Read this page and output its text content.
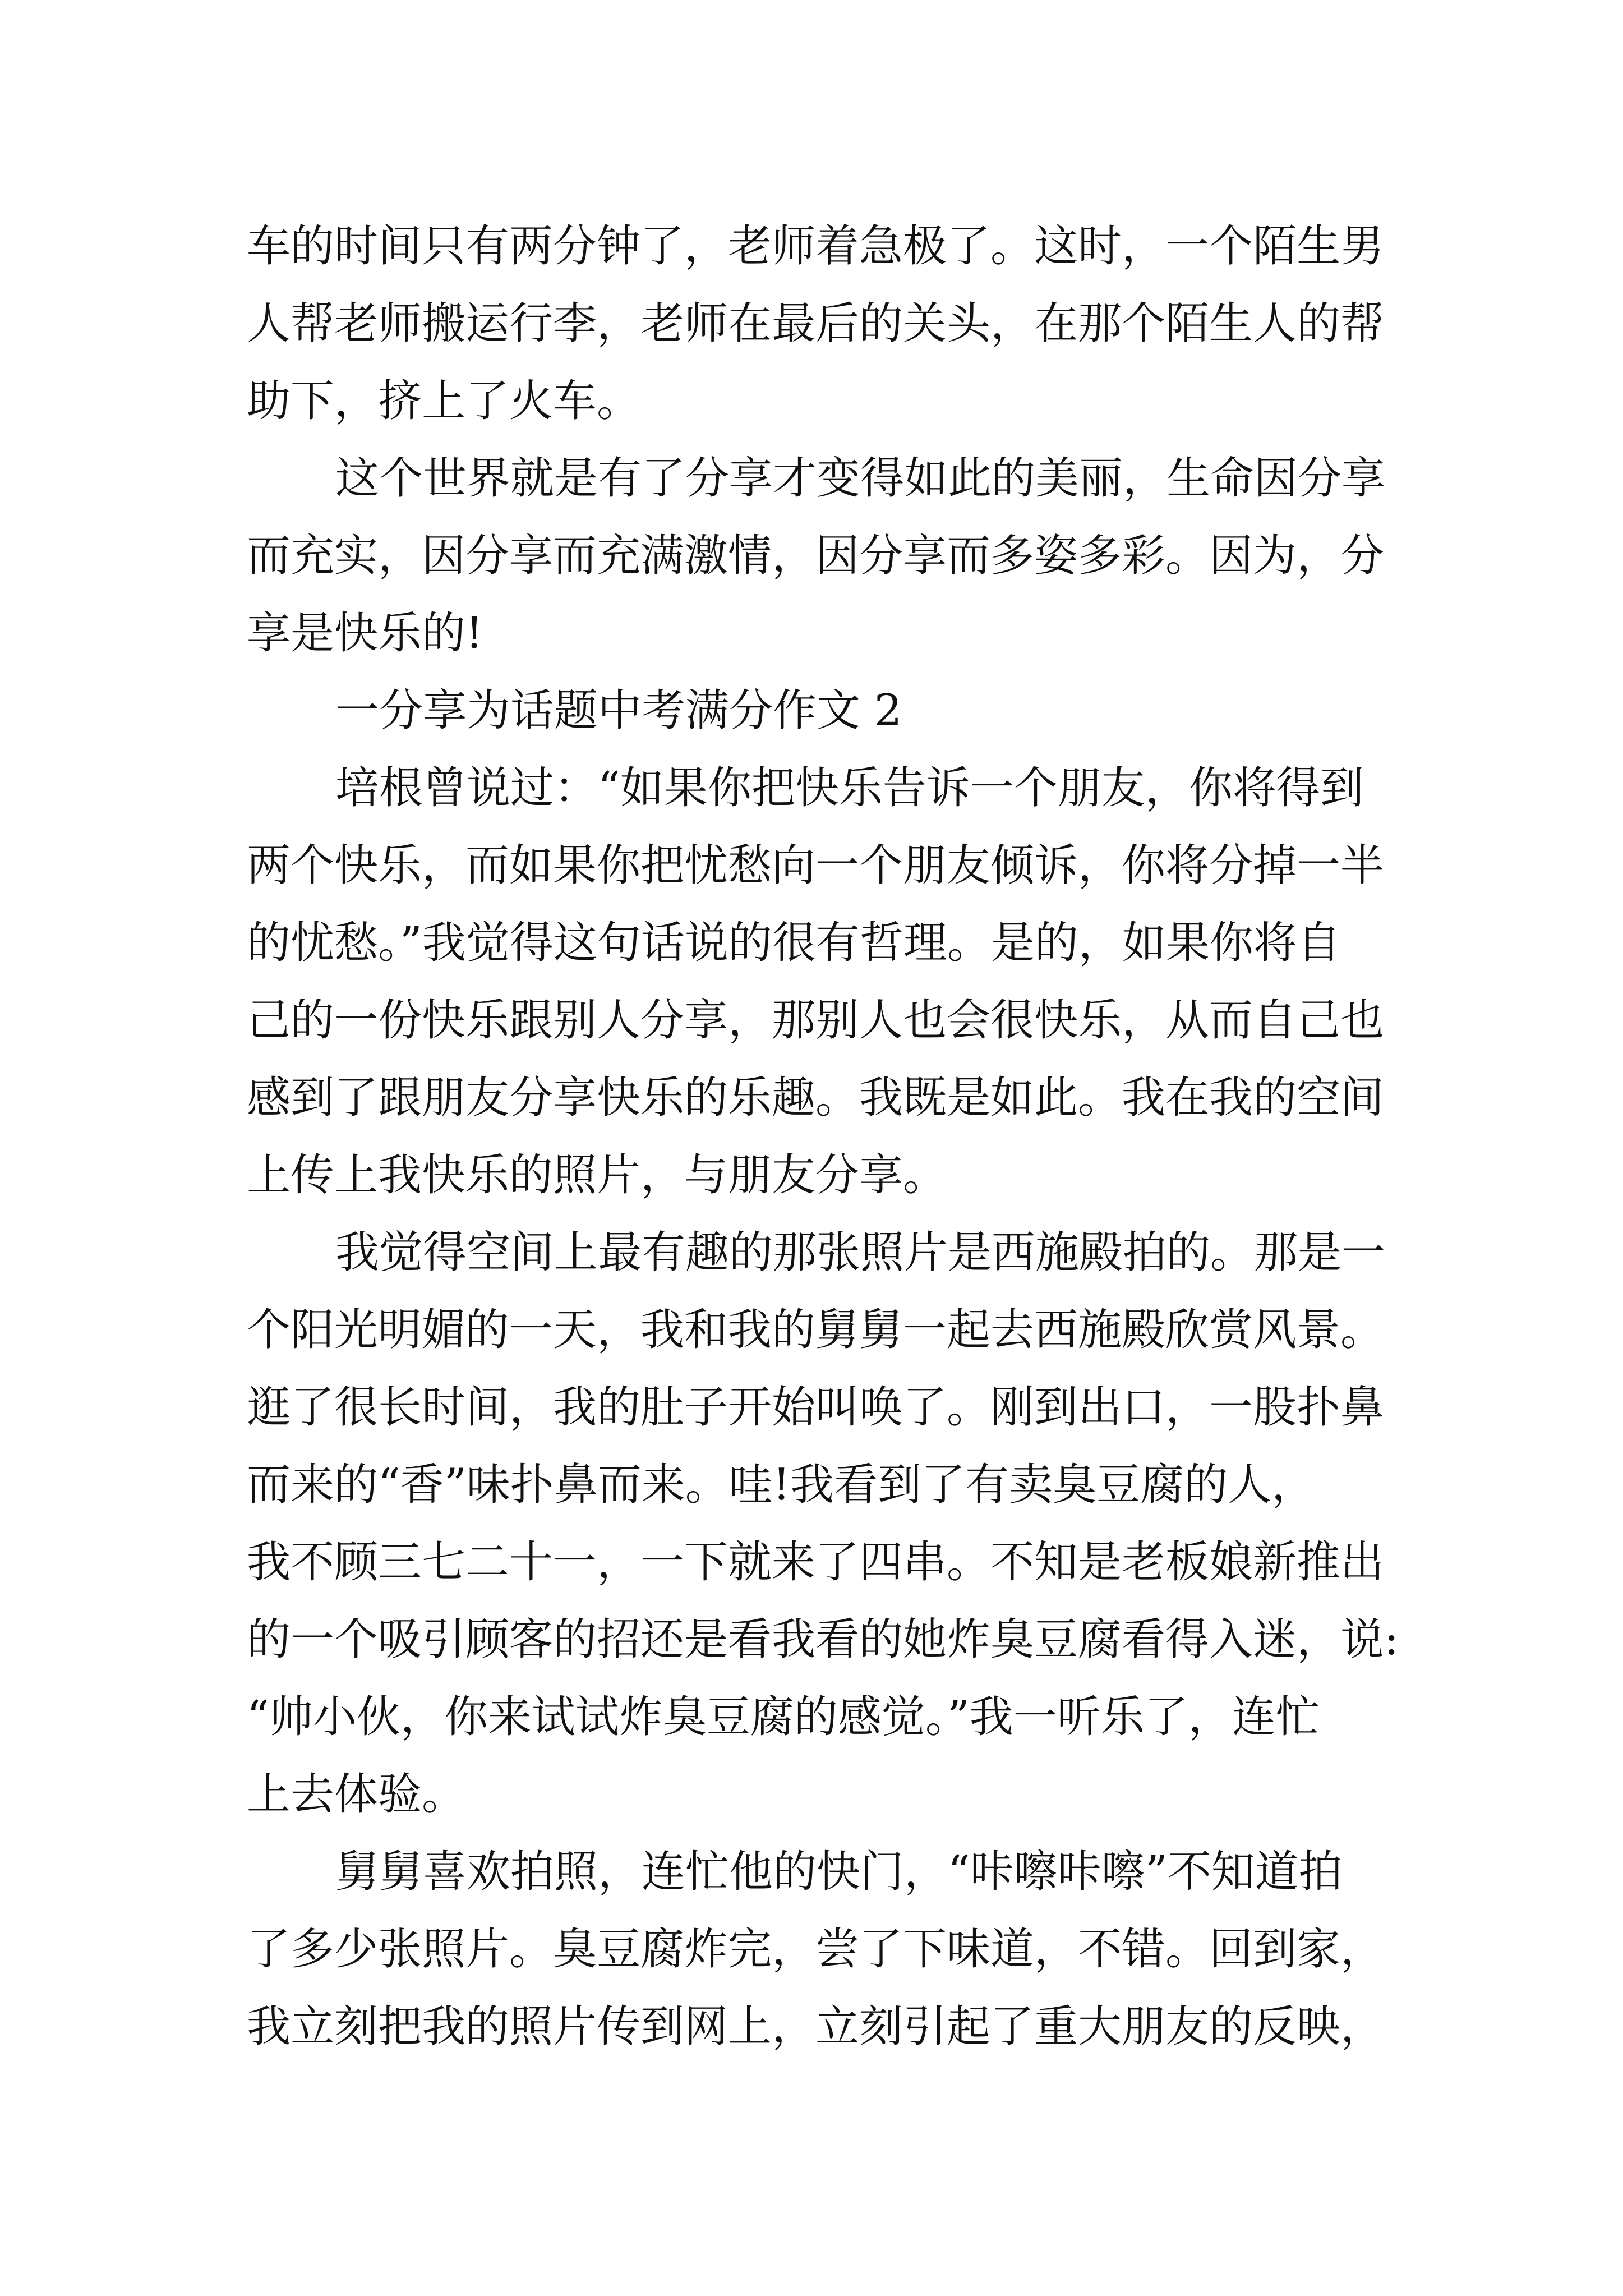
车的时间只有两分钟了，老师着急极了。这时，一个陌生男
人帮老师搬运行李，老师在最后的关头，在那个陌生人的帮
助下，挤上了火车。
这个世界就是有了分享才变得如此的美丽，生命因分享
而充实，因分享而充满激情，因分享而多姿多彩。因为，分
享是快乐的!
一分享为话题中考满分作文 2
培根曾说过：“如果你把快乐告诉一个朋友，你将得到
两个快乐，而如果你把忧愁向一个朋友倾诉，你将分掉一半
的忧愁。”我觉得这句话说的很有哲理。是的，如果你将自
己的一份快乐跟别人分享，那别人也会很快乐，从而自己也
感到了跟朋友分享快乐的乐趣。我既是如此。我在我的空间
上传上我快乐的照片，与朋友分享。
我觉得空间上最有趣的那张照片是西施殿拍的。那是一
个阳光明媚的一天，我和我的舅舅一起去西施殿欣赏风景。
逛了很长时间，我的肚子开始叫唤了。刚到出口，一股扑鼻
而来的“香”味扑鼻而来。哇!我看到了有卖臭豆腐的人，
我不顾三七二十一，一下就来了四串。不知是老板娘新推出
的一个吸引顾客的招还是看我看的她炸臭豆腐看得入迷，说:
“帅小伙，你来试试炸臭豆腐的感觉。”我一听乐了，连忙
上去体验。
舅舅喜欢拍照，连忙他的快门，“咔嚓咔嚓”不知道拍
了多少张照片。臭豆腐炸完，尝了下味道，不错。回到家，
我立刻把我的照片传到网上，立刻引起了重大朋友的反映，
